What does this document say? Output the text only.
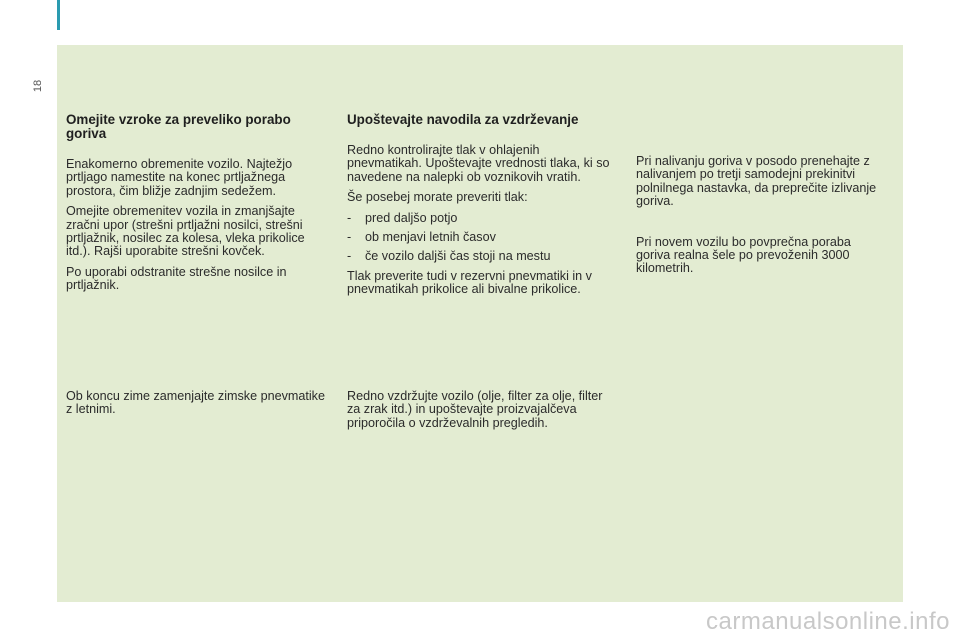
18
Omejite vzroke za preveliko porabo goriva

Enakomerno obremenite vozilo. Najtežjo prtljago namestite na konec prtljažnega prostora, čim bližje zadnjim sedežem.

Omejite obremenitev vozila in zmanjšajte zračni upor (strešni prtljažni nosilci, strešni prtljažnik, nosilec za kolesa, vleka prikolice itd.). Rajši uporabite strešni kovček.

Po uporabi odstranite strešne nosilce in prtljažnik.

Ob koncu zime zamenjajte zimske pnevmatike z letnimi.

Upoštevajte navodila za vzdrževanje

Redno kontrolirajte tlak v ohlajenih pnevmatikah. Upoštevajte vrednosti tlaka, ki so navedene na nalepki ob voznikovih vratih.

Še posebej morate preveriti tlak:

-	pred daljšo potjo
-	ob menjavi letnih časov
-	če vozilo daljši čas stoji na mestu

Tlak preverite tudi v rezervni pnevmatiki in v pnevmatikah prikolice ali bivalne prikolice.

Redno vzdržujte vozilo (olje, filter za olje, filter za zrak itd.) in upoštevajte proizvajalčeva priporočila o vzdrževalnih pregledih.

Pri nalivanju goriva v posodo prenehajte z nalivanjem po tretji samodejni prekinitvi polnilnega nastavka, da preprečite izlivanje goriva.

Pri novem vozilu bo povprečna poraba goriva realna šele po prevoženih 3000 kilometrih.

carmanualsonline.info
